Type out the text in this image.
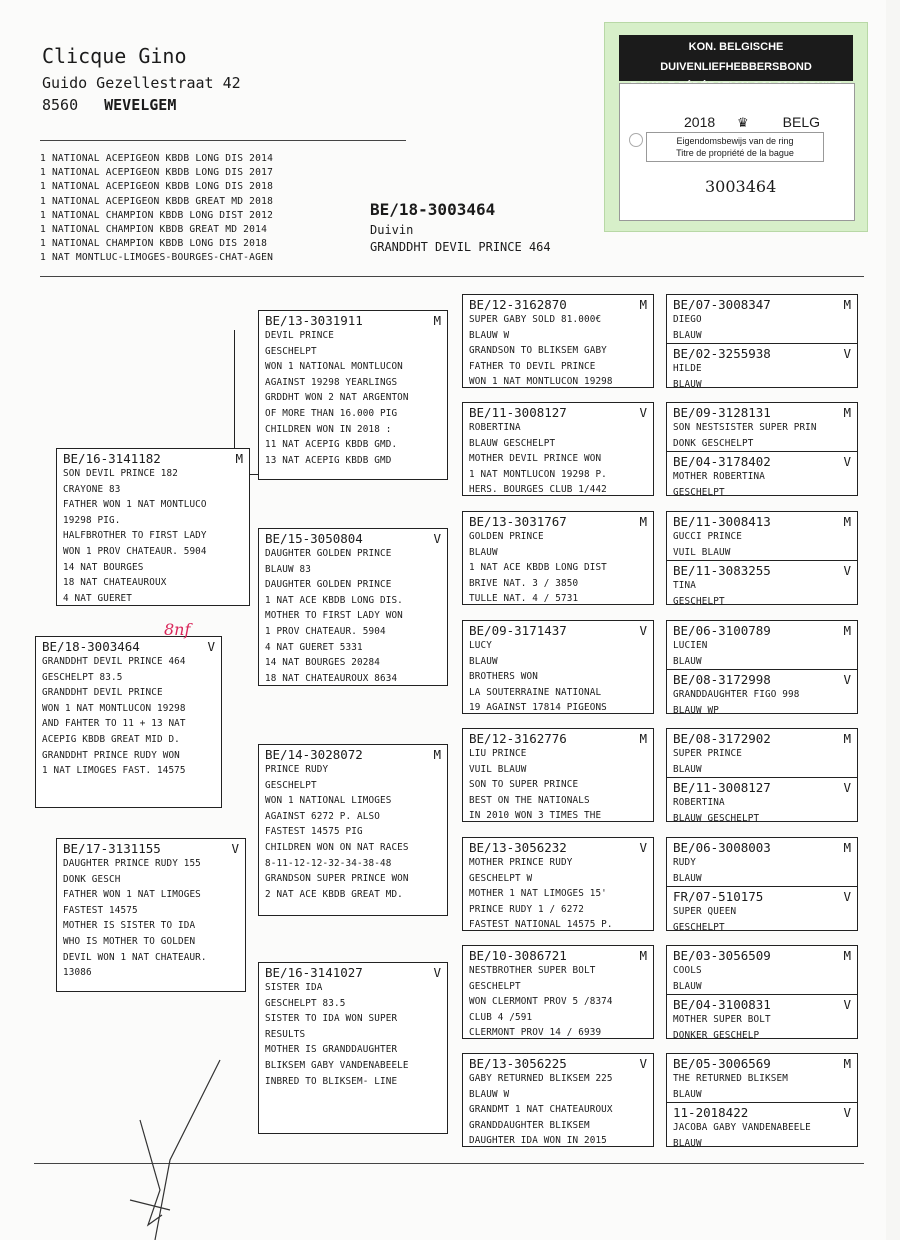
Clicque Gino
Guido Gezellestraat 42
8560 WEVELGEM
1 NATIONAL ACEPIGEON KBDB LONG DIS 2014
1 NATIONAL ACEPIGEON KBDB LONG DIS 2017
1 NATIONAL ACEPIGEON KBDB LONG DIS 2018
1 NATIONAL ACEPIGEON KBDB GREAT MD 2018
1 NATIONAL CHAMPION KBDB LONG DIST 2012
1 NATIONAL CHAMPION KBDB GREAT MD 2014
1 NATIONAL CHAMPION KBDB LONG DIS 2018
1 NAT MONTLUC-LIMOGES-BOURGES-CHAT-AGEN
BE/18-3003464
Duivin
GRANDDHT DEVIL PRINCE 464
KON. BELGISCHE DUIVENLIEFHEBBERSBOND
2018 ♛	BELG
Eigendomsbewijs van de ring
Titre de propriété de la bague
3003464
BE/18-3003464	V
GRANDDHT DEVIL PRINCE 464
GESCHELPT 83.5
GRANDDHT DEVIL PRINCE
WON 1 NAT MONTLUCON 19298
AND FAHTER TO 11 + 13 NAT
ACEPIG KBDB GREAT MID D.
GRANDDHT PRINCE RUDY WON
1 NAT LIMOGES FAST. 14575
8nf
BE/16-3141182	M
SON DEVIL PRINCE 182
CRAYONE 83
FATHER WON 1 NAT MONTLUCO
19298 PIG.
HALFBROTHER TO FIRST LADY
WON 1 PROV CHATEAUR. 5904
14 NAT BOURGES
18 NAT CHATEAUROUX
4 NAT GUERET
BE/17-3131155	V
DAUGHTER PRINCE RUDY 155
DONK GESCH
FATHER WON 1 NAT LIMOGES
FASTEST 14575
MOTHER IS SISTER TO IDA
WHO IS MOTHER TO GOLDEN
DEVIL WON 1 NAT CHATEAUR.
13086
BE/13-3031911	M
DEVIL PRINCE
GESCHELPT
WON 1 NATIONAL MONTLUCON
AGAINST 19298 YEARLINGS
GRDDHT WON 2 NAT ARGENTON
OF MORE THAN 16.000 PIG
CHILDREN WON IN 2018 :
11 NAT ACEPIG KBDB GMD.
13 NAT ACEPIG KBDB GMD
BE/15-3050804	V
DAUGHTER GOLDEN PRINCE
BLAUW 83
DAUGHTER GOLDEN PRINCE
1 NAT ACE KBDB LONG DIS.
MOTHER TO FIRST LADY WON
1 PROV CHATEAUR. 5904
4 NAT GUERET 5331
14 NAT BOURGES 20284
18 NAT CHATEAUROUX 8634
BE/14-3028072	M
PRINCE RUDY
GESCHELPT
WON 1 NATIONAL LIMOGES
AGAINST 6272 P. ALSO
FASTEST 14575 PIG
CHILDREN WON ON NAT RACES
8-11-12-12-32-34-38-48
GRANDSON SUPER PRINCE WON
2 NAT ACE KBDB GREAT MD.
BE/16-3141027	V
SISTER IDA
GESCHELPT 83.5
SISTER TO IDA WON SUPER
RESULTS
MOTHER IS GRANDDAUGHTER
BLIKSEM GABY VANDENABEELE
INBRED TO BLIKSEM- LINE
BE/12-3162870	M
SUPER GABY SOLD 81.000€
BLAUW W
GRANDSON TO BLIKSEM GABY
FATHER TO DEVIL PRINCE
WON 1 NAT MONTLUCON 19298
BE/11-3008127	V
ROBERTINA
BLAUW GESCHELPT
MOTHER DEVIL PRINCE WON
1 NAT MONTLUCON 19298 P.
HERS. BOURGES CLUB 1/442
BE/13-3031767	M
GOLDEN PRINCE
BLAUW
1 NAT ACE KBDB LONG DIST
BRIVE NAT. 3 / 3850
TULLE NAT. 4 / 5731
BE/09-3171437	V
LUCY
BLAUW
BROTHERS WON
LA SOUTERRAINE NATIONAL
19 AGAINST 17814 PIGEONS
BE/12-3162776	M
LIU PRINCE
VUIL BLAUW
SON TO SUPER PRINCE
BEST ON THE NATIONALS
IN 2010 WON 3 TIMES THE
BE/13-3056232	V
MOTHER PRINCE RUDY
GESCHELPT W
MOTHER 1 NAT LIMOGES 15'
PRINCE RUDY 1 / 6272
FASTEST NATIONAL 14575 P.
BE/10-3086721	M
NESTBROTHER SUPER BOLT
GESCHELPT
WON CLERMONT PROV 5 /8374
CLUB 4 /591
CLERMONT PROV 14 / 6939
BE/13-3056225	V
GABY RETURNED BLIKSEM 225
BLAUW W
GRANDMT 1 NAT CHATEAUROUX
GRANDDAUGHTER BLIKSEM
DAUGHTER IDA WON IN 2015
BE/07-3008347	M
DIEGO
BLAUW
BE/02-3255938	V
HILDE
BLAUW
BE/09-3128131	M
SON NESTSISTER SUPER PRIN
DONK GESCHELPT
BE/04-3178402	V
MOTHER ROBERTINA
GESCHELPT
BE/11-3008413	M
GUCCI PRINCE
VUIL BLAUW
BE/11-3083255	V
TINA
GESCHELPT
BE/06-3100789	M
LUCIEN
BLAUW
BE/08-3172998	V
GRANDDAUGHTER FIGO 998
BLAUW WP
BE/08-3172902	M
SUPER PRINCE
BLAUW
BE/11-3008127	V
ROBERTINA
BLAUW GESCHELPT
BE/06-3008003	M
RUDY
BLAUW
FR/07-510175	V
SUPER QUEEN
GESCHELPT
BE/03-3056509	M
COOLS
BLAUW
BE/04-3100831	V
MOTHER SUPER BOLT
DONKER GESCHELP
BE/05-3006569	M
THE RETURNED BLIKSEM
BLAUW
11-2018422	V
JACOBA GABY VANDENABEELE
BLAUW
